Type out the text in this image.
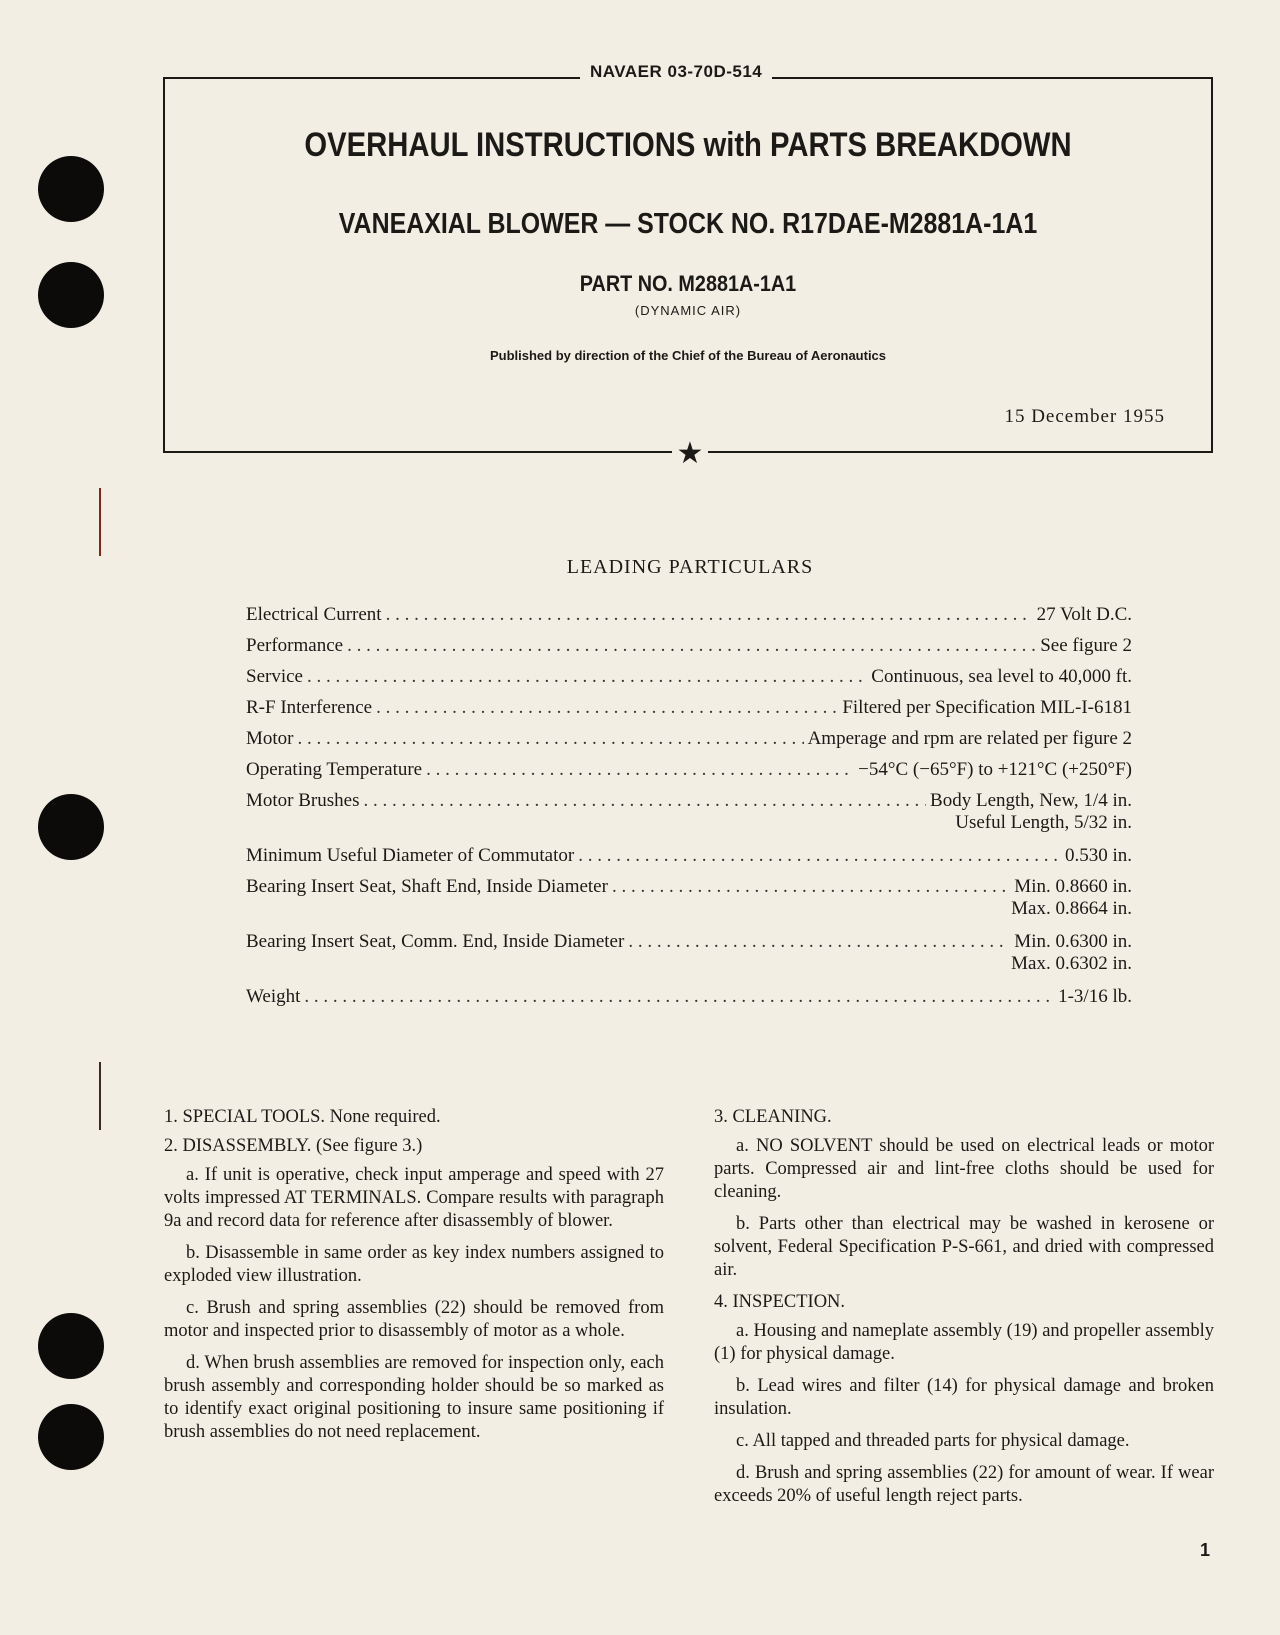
NAVAER 03-70D-514
OVERHAUL INSTRUCTIONS with PARTS BREAKDOWN
VANEAXIAL BLOWER — STOCK NO. R17DAE-M2881A-1A1
PART NO. M2881A-1A1
(DYNAMIC AIR)
Published by direction of the Chief of the Bureau of Aeronautics
15 December 1955
★
LEADING PARTICULARS
Electrical Current . . .	27 Volt D.C.
Performance . . .	See figure 2
Service . . .	Continuous, sea level to 40,000 ft.
R-F Interference . . .	Filtered per Specification MIL-I-6181
Motor . . .	Amperage and rpm are related per figure 2
Operating Temperature . . .	−54°C (−65°F) to +121°C (+250°F)
Motor Brushes . . .	Body Length, New, 1/4 in.
Useful Length, 5/32 in.
Minimum Useful Diameter of Commutator . . .	0.530 in.
Bearing Insert Seat, Shaft End, Inside Diameter . . .	Min. 0.8660 in.
Max. 0.8664 in.
Bearing Insert Seat, Comm. End, Inside Diameter . . .	Min. 0.6300 in.
Max. 0.6302 in.
Weight . . .	1-3/16 lb.

1. SPECIAL TOOLS. None required.

2. DISASSEMBLY. (See figure 3.)

a. If unit is operative, check input amperage and speed with 27 volts impressed AT TERMINALS. Compare results with paragraph 9a and record data for reference after disassembly of blower.

b. Disassemble in same order as key index numbers assigned to exploded view illustration.

c. Brush and spring assemblies (22) should be removed from motor and inspected prior to disassembly of motor as a whole.

d. When brush assemblies are removed for inspection only, each brush assembly and corresponding holder should be so marked as to identify exact original positioning to insure same positioning if brush assemblies do not need replacement.

3. CLEANING.

a. NO SOLVENT should be used on electrical leads or motor parts. Compressed air and lint-free cloths should be used for cleaning.

b. Parts other than electrical may be washed in kerosene or solvent, Federal Specification P-S-661, and dried with compressed air.

4. INSPECTION.

a. Housing and nameplate assembly (19) and propeller assembly (1) for physical damage.

b. Lead wires and filter (14) for physical damage and broken insulation.

c. All tapped and threaded parts for physical damage.

d. Brush and spring assemblies (22) for amount of wear. If wear exceeds 20% of useful length reject parts.

1
